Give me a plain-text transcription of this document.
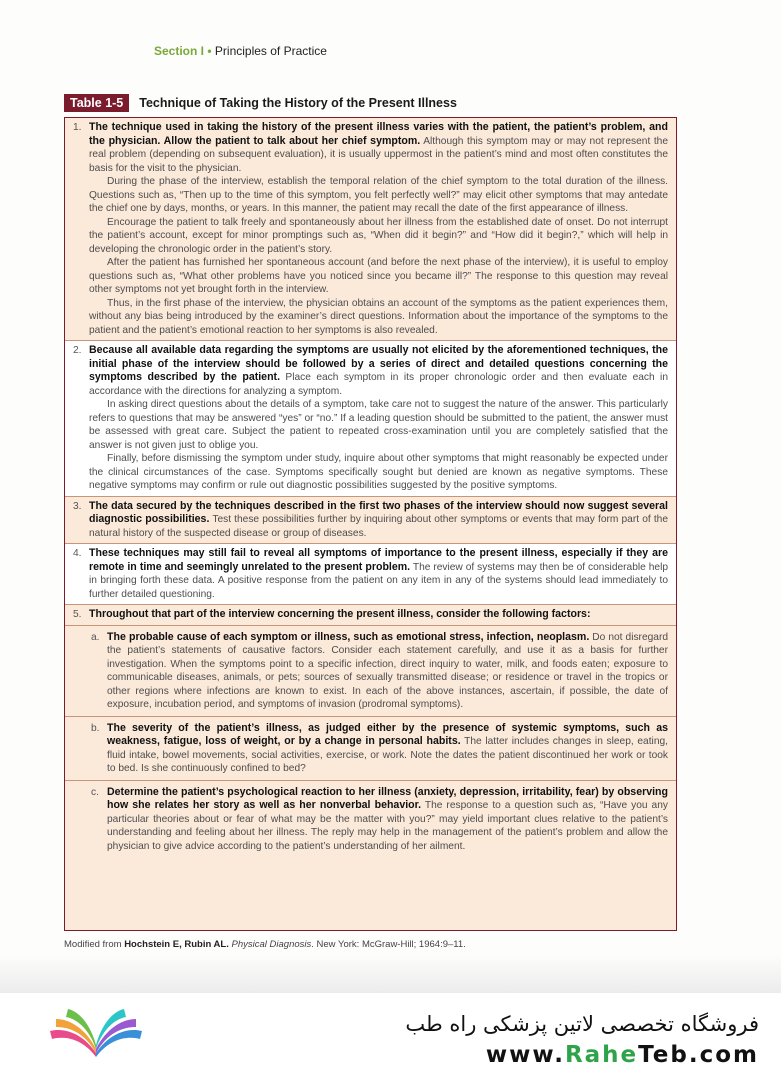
Section I • Principles of Practice
Table 1-5	Technique of Taking the History of the Present Illness
1. The technique used in taking the history of the present illness varies with the patient, the patient’s problem, and the physician. Allow the patient to talk about her chief symptom. Although this symptom may or may not represent the real problem (depending on subsequent evaluation), it is usually uppermost in the patient’s mind and most often constitutes the basis for the visit to the physician.

During the phase of the interview, establish the temporal relation of the chief symptom to the total duration of the illness. Questions such as, “Then up to the time of this symptom, you felt perfectly well?” may elicit other symptoms that may antedate the chief one by days, months, or years. In this manner, the patient may recall the date of the first appearance of illness.

Encourage the patient to talk freely and spontaneously about her illness from the established date of onset. Do not interrupt the patient’s account, except for minor promptings such as, “When did it begin?” and “How did it begin?,” which will help in developing the chronologic order in the patient’s story.

After the patient has furnished her spontaneous account (and before the next phase of the interview), it is useful to employ questions such as, “What other problems have you noticed since you became ill?” The response to this question may reveal other symptoms not yet brought forth in the interview.

Thus, in the first phase of the interview, the physician obtains an account of the symptoms as the patient experiences them, without any bias being introduced by the examiner’s direct questions. Information about the importance of the symptoms to the patient and the patient’s emotional reaction to her symptoms is also revealed.

2. Because all available data regarding the symptoms are usually not elicited by the aforementioned techniques, the initial phase of the interview should be followed by a series of direct and detailed questions concerning the symptoms described by the patient. Place each symptom in its proper chronologic order and then evaluate each in accordance with the directions for analyzing a symptom.

In asking direct questions about the details of a symptom, take care not to suggest the nature of the answer. This particularly refers to questions that may be answered “yes” or “no.” If a leading question should be submitted to the patient, the answer must be assessed with great care. Subject the patient to repeated cross-examination until you are completely satisfied that the answer is not given just to oblige you.

Finally, before dismissing the symptom under study, inquire about other symptoms that might reasonably be expected under the clinical circumstances of the case. Symptoms specifically sought but denied are known as negative symptoms. These negative symptoms may confirm or rule out diagnostic possibilities suggested by the positive symptoms.

3. The data secured by the techniques described in the first two phases of the interview should now suggest several diagnostic possibilities. Test these possibilities further by inquiring about other symptoms or events that may form part of the natural history of the suspected disease or group of diseases.

4. These techniques may still fail to reveal all symptoms of importance to the present illness, especially if they are remote in time and seemingly unrelated to the present problem. The review of systems may then be of considerable help in bringing forth these data. A positive response from the patient on any item in any of the systems should lead immediately to further detailed questioning.

5. Throughout that part of the interview concerning the present illness, consider the following factors:

a. The probable cause of each symptom or illness, such as emotional stress, infection, neoplasm. Do not disregard the patient’s statements of causative factors. Consider each statement carefully, and use it as a basis for further investigation. When the symptoms point to a specific infection, direct inquiry to water, milk, and foods eaten; exposure to communicable diseases, animals, or pets; sources of sexually transmitted disease; or residence or travel in the tropics or other regions where infections are known to exist. In each of the above instances, ascertain, if possible, the date of exposure, incubation period, and symptoms of invasion (prodromal symptoms).

b. The severity of the patient’s illness, as judged either by the presence of systemic symptoms, such as weakness, fatigue, loss of weight, or by a change in personal habits. The latter includes changes in sleep, eating, fluid intake, bowel movements, social activities, exercise, or work. Note the dates the patient discontinued her work or took to bed. Is she continuously confined to bed?

c. Determine the patient’s psychological reaction to her illness (anxiety, depression, irritability, fear) by observing how she relates her story as well as her nonverbal behavior. The response to a question such as, “Have you any particular theories about or fear of what may be the matter with you?” may yield important clues relative to the patient’s understanding and feeling about her illness. The reply may help in the management of the patient’s problem and allow the physician to give advice according to the patient’s understanding of her ailment.

Modified from Hochstein E, Rubin AL. Physical Diagnosis. New York: McGraw-Hill; 1964:9–11.
فروشگاه تخصصی لاتین پزشکی راه طب
www.RaheTeb.com
